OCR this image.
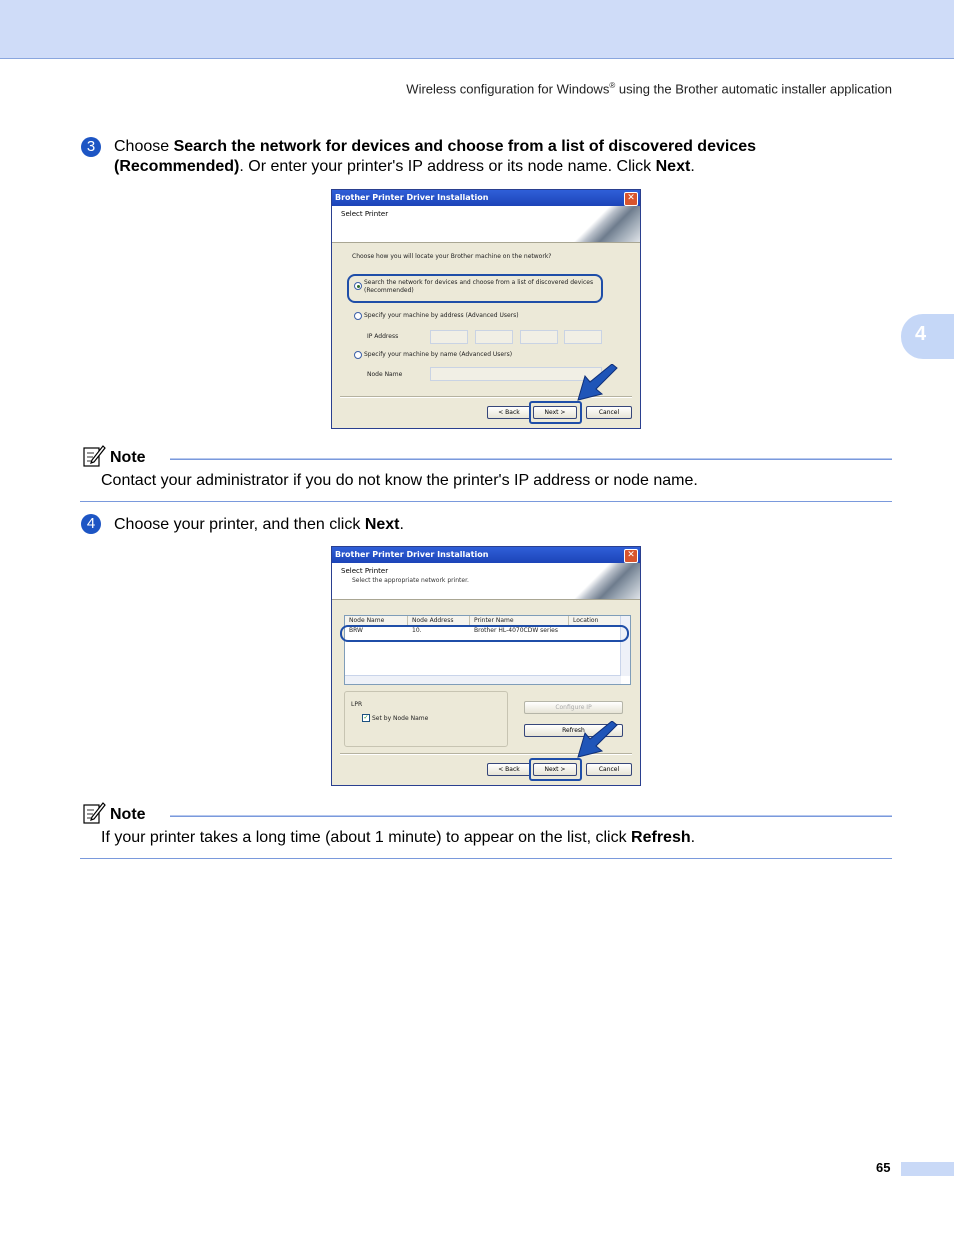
Wireless configuration for Windows® using the Brother automatic installer application
4
3	Choose Search the network for devices and choose from a list of discovered devices
(Recommended). Or enter your printer's IP address or its node name. Click Next.
Brother Printer Driver Installation	✕
Select Printer
Choose how you will locate your Brother machine on the network?
Search the network for devices and choose from a list of discovered devices
(Recommended)
Specify your machine by address (Advanced Users)
IP Address
Specify your machine by name (Advanced Users)
Node Name
< Back	Next >	Cancel
Note
Contact your administrator if you do not know the printer's IP address or node name.
4	Choose your printer, and then click Next.
Brother Printer Driver Installation	✕
Select Printer
Select the appropriate network printer.
Node Name	Node Address	Printer Name	Location
BRW	10.	Brother HL-4070CDW series
LPR
✓ Set by Node Name
Configure IP
Refresh
< Back	Next >	Cancel
Note
If your printer takes a long time (about 1 minute) to appear on the list, click Refresh.
65
